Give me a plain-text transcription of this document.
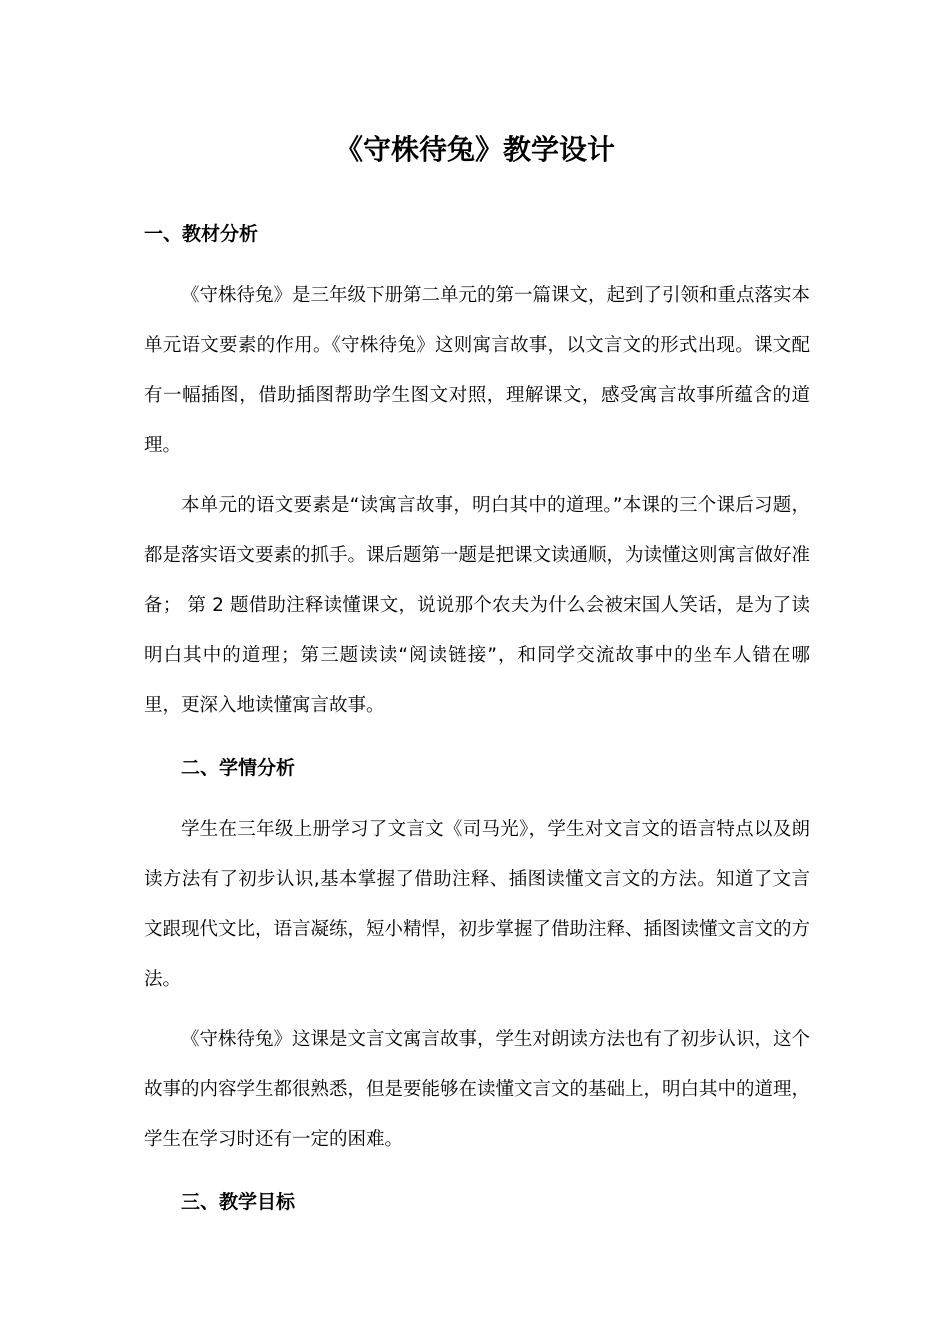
《守株待兔》教学设计
一、教材分析

《守株待兔》是三年级下册第二单元的第一篇课文，起到了引领和重点落实本单元语文要素的作用。《守株待兔》这则寓言故事，以文言文的形式出现。课文配有一幅插图，借助插图帮助学生图文对照，理解课文，感受寓言故事所蕴含的道理。

本单元的语文要素是“读寓言故事，明白其中的道理。”本课的三个课后习题，都是落实语文要素的抓手。课后题第一题是把课文读通顺，为读懂这则寓言做好准备； 第 2 题借助注释读懂课文，说说那个农夫为什么会被宋国人笑话，是为了读明白其中的道理；第三题读读“阅读链接”，和同学交流故事中的坐车人错在哪里，更深入地读懂寓言故事。

二、学情分析

学生在三年级上册学习了文言文《司马光》，学生对文言文的语言特点以及朗读方法有了初步认识,基本掌握了借助注释、插图读懂文言文的方法。知道了文言文跟现代文比，语言凝练，短小精悍，初步掌握了借助注释、插图读懂文言文的方法。

《守株待兔》这课是文言文寓言故事，学生对朗读方法也有了初步认识，这个故事的内容学生都很熟悉，但是要能够在读懂文言文的基础上，明白其中的道理，学生在学习时还有一定的困难。

三、教学目标
